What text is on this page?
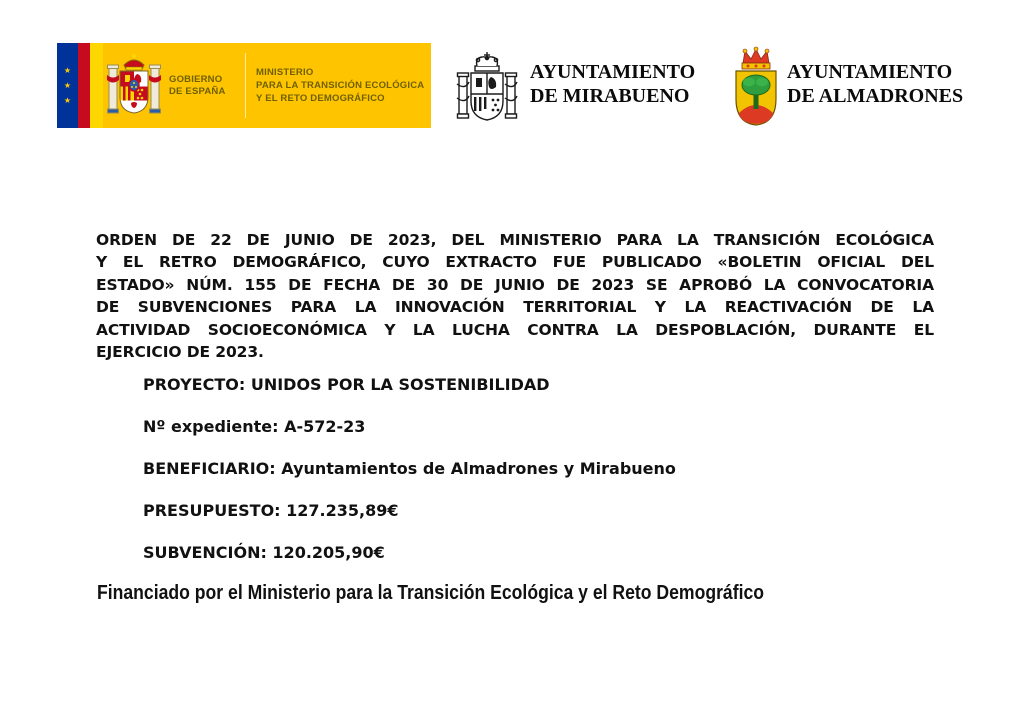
★
★
★
GOBIERNO
DE ESPAÑA
MINISTERIO
PARA LA TRANSICIÓN ECOLÓGICA
Y EL RETO DEMOGRÁFICO
AYUNTAMIENTO
DE MIRABUENO
AYUNTAMIENTO
DE ALMADRONES
ORDEN DE 22 DE JUNIO DE 2023, DEL MINISTERIO PARA LA TRANSICIÓN ECOLÓGICA
Y EL RETRO DEMOGRÁFICO, CUYO EXTRACTO FUE PUBLICADO «BOLETIN OFICIAL DEL
ESTADO» NÚM. 155 DE FECHA DE 30 DE JUNIO DE 2023 SE APROBÓ LA CONVOCATORIA
DE SUBVENCIONES PARA LA INNOVACIÓN TERRITORIAL Y LA REACTIVACIÓN DE LA
ACTIVIDAD SOCIOECONÓMICA Y LA LUCHA CONTRA LA DESPOBLACIÓN, DURANTE EL
EJERCICIO DE 2023.
PROYECTO: UNIDOS POR LA SOSTENIBILIDAD
Nº expediente: A-572-23
BENEFICIARIO: Ayuntamientos de Almadrones y Mirabueno
PRESUPUESTO: 127.235,89€
SUBVENCIÓN: 120.205,90€
Financiado por el Ministerio para la Transición Ecológica y el Reto Demográfico
